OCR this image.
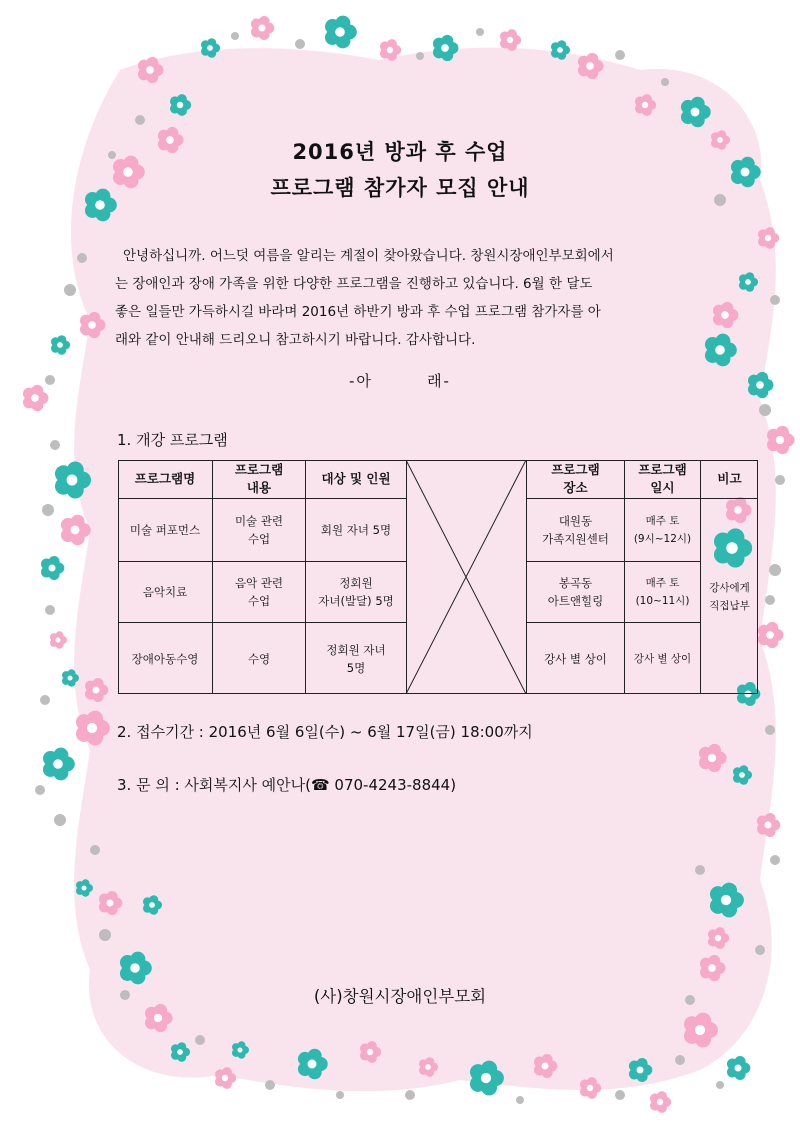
2016년 방과 후 수업
프로그램 참가자 모집 안내

안녕하십니까. 어느덧 여름을 알리는 계절이 찾아왔습니다. 창원시장애인부모회에서

는 장애인과 장애 가족을 위한 다양한 프로그램을 진행하고 있습니다. 6월 한 달도

좋은 일들만 가득하시길 바라며 2016년 하반기 방과 후 수업 프로그램 참가자를 아

래와 같이 안내해 드리오니 참고하시기 바랍니다. 감사합니다.

-아        래-
1. 개강 프로그램
프로그램명
프로그램
내용
대상 및 인원
프로그램
장소
프로그램
일시
비고
미술 퍼포먼스
미술 관련
수업
회원 자녀 5명
대원동
가족지원센터
매주 토
(9시~12시)
음악치료
음악 관련
수업
정회원
자녀(발달) 5명
봉곡동
아트앤힐링
매주 토
(10~11시)
장애아동수영	수영
정회원 자녀
5명
강사 별 상이	강사 별 상이
강사에게
직접납부
2. 접수기간 : 2016년 6월 6일(수) ~ 6월 17일(금) 18:00까지
3. 문 의 : 사회복지사 예안나(☎ 070-4243-8844)
(사)창원시장애인부모회
